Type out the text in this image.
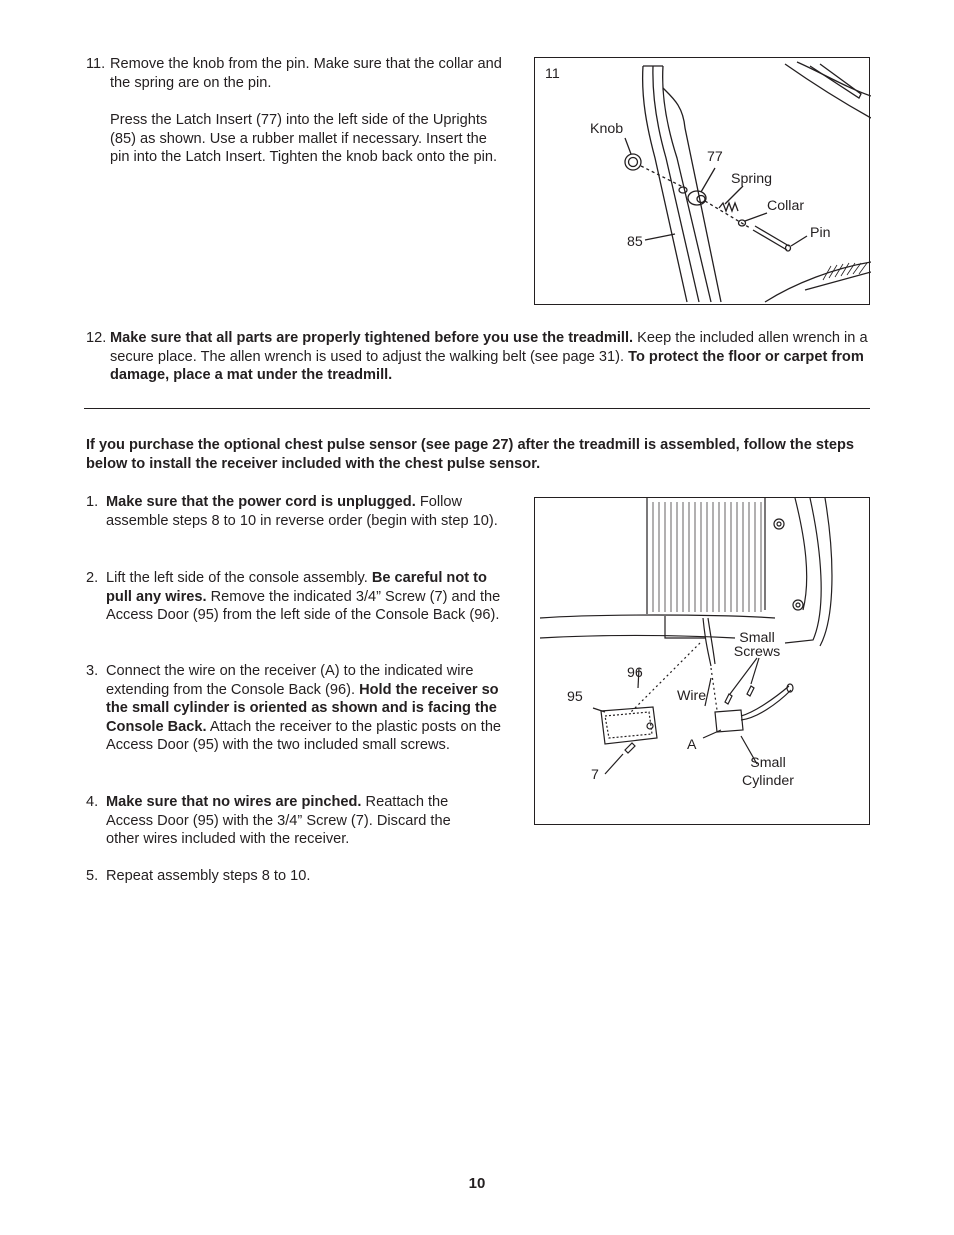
11. Remove the knob from the pin. Make sure that the collar and the spring are on the pin.

Press the Latch Insert (77) into the left side of the Uprights (85) as shown. Use a rubber mallet if necessary. Insert the pin into the Latch Insert. Tighten the knob back onto the pin.

11
Knob
77
Spring
Collar
Pin
85
12. Make sure that all parts are properly tightened before you use the treadmill. Keep the included allen wrench in a secure place. The allen wrench is used to adjust the walking belt (see page 31). To protect the floor or carpet from damage, place a mat under the treadmill.

If you purchase the optional chest pulse sensor (see page 27) after the treadmill is assembled, follow the steps below to install the receiver included with the chest pulse sensor.

1. Make sure that the power cord is unplugged. Follow assemble steps 8 to 10 in reverse order (begin with step 10).

2. Lift the left side of the console assembly. Be careful not to pull any wires. Remove the indicated 3/4” Screw (7) and the Access Door (95) from the left side of the Console Back (96).

3. Connect the wire on the receiver (A) to the indicated wire extending from the Console Back (96). Hold the receiver so the small cylinder is oriented as shown and is facing the Console Back. Attach the receiver to the plastic posts on the Access Door (95) with the two included small screws.

4. Make sure that no wires are pinched. Reattach the Access Door (95) with the 3/4” Screw (7). Discard the other wires included with the receiver.

5. Repeat assembly steps 8 to 10.

Small
Screws
96
Wire
95
A
7
Small
Cylinder
10
